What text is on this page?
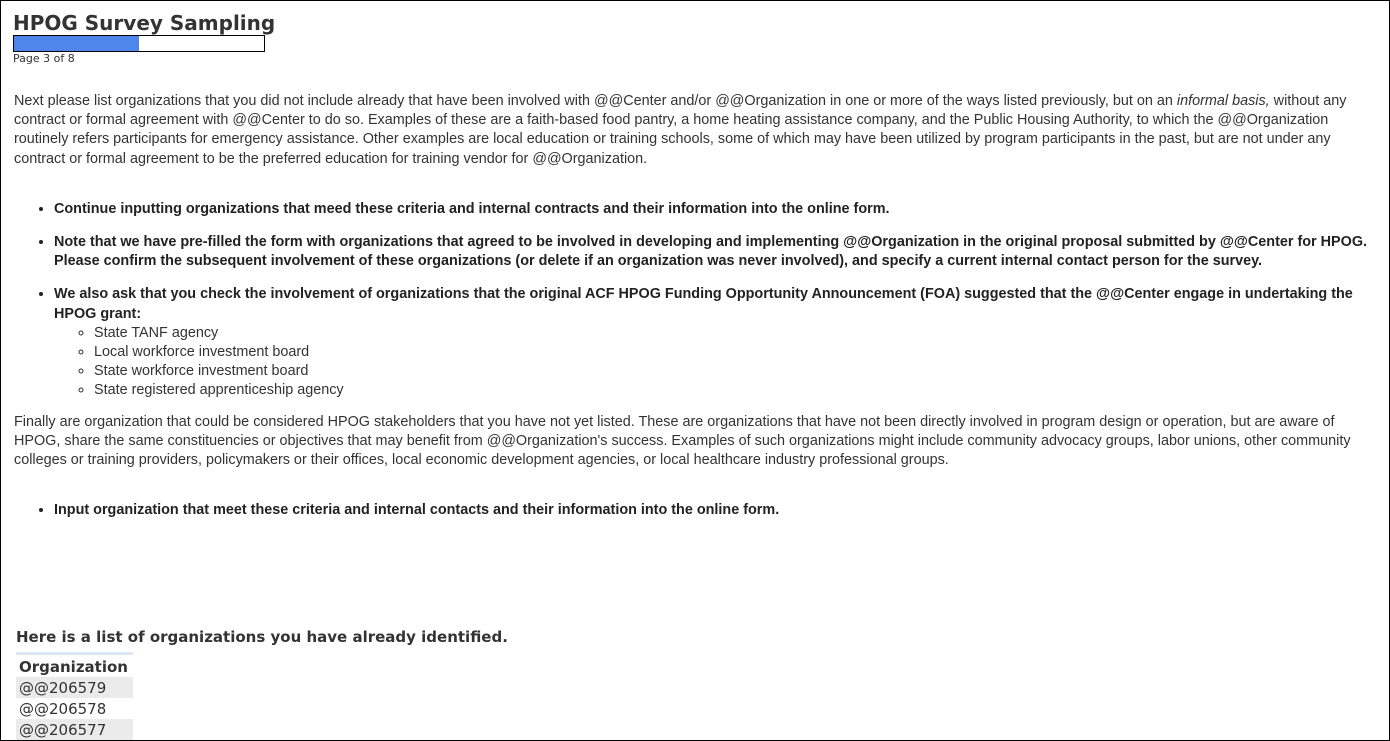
HPOG Survey Sampling
Page 3 of 8

Next please list organizations that you did not include already that have been involved with @@Center and/or @@Organization in one or more of the ways listed previously, but on an informal basis, without any contract or formal agreement with @@Center to do so. Examples of these are a faith-based food pantry, a home heating assistance company, and the Public Housing Authority, to which the @@Organization routinely refers participants for emergency assistance. Other examples are local education or training schools, some of which may have been utilized by program participants in the past, but are not under any contract or formal agreement to be the preferred education for training vendor for @@Organization.

• Continue inputting organizations that meed these criteria and internal contracts and their information into the online form.
• Note that we have pre-filled the form with organizations that agreed to be involved in developing and implementing @@Organization in the original proposal submitted by @@Center for HPOG. Please confirm the subsequent involvement of these organizations (or delete if an organization was never involved), and specify a current internal contact person for the survey.
• We also ask that you check the involvement of organizations that the original ACF HPOG Funding Opportunity Announcement (FOA) suggested that the @@Center engage in undertaking the HPOG grant:
◦ State TANF agency
◦ Local workforce investment board
◦ State workforce investment board
◦ State registered apprenticeship agency

Finally are organization that could be considered HPOG stakeholders that you have not yet listed. These are organizations that have not been directly involved in program design or operation, but are aware of HPOG, share the same constituencies or objectives that may benefit from @@Organization's success. Examples of such organizations might include community advocacy groups, labor unions, other community colleges or training providers, policymakers or their offices, local economic development agencies, or local healthcare industry professional groups.

• Input organization that meet these criteria and internal contacts and their information into the online form.
Here is a list of organizations you have already identified.
Organization
@@206579
@@206578
@@206577
